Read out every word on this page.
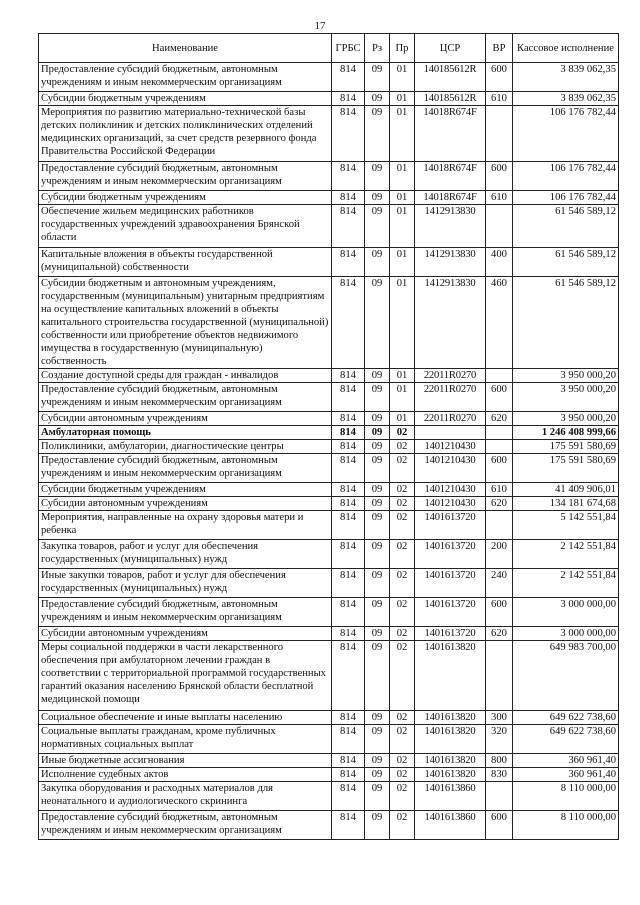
17
Наименование	ГРБС	Рз	Пр	ЦСР	ВР	Кассовое исполнение
Предоставление субсидий бюджетным, автономным учреждениям и иным некоммерческим организациям	814	09	01	140185612R	600	3 839 062,35
Субсидии бюджетным учреждениям	814	09	01	140185612R	610	3 839 062,35
Мероприятия по развитию материально-технической базы детских поликлиник и детских поликлинических отделений медицинских организаций, за счет средств резервного фонда Правительства Российской Федерации	814	09	01	14018R674F		106 176 782,44
Предоставление субсидий бюджетным, автономным учреждениям и иным некоммерческим организациям	814	09	01	14018R674F	600	106 176 782,44
Субсидии бюджетным учреждениям	814	09	01	14018R674F	610	106 176 782,44
Обеспечение жильем медицинских работников государственных учреждений здравоохранения Брянской области	814	09	01	1412913830		61 546 589,12
Капитальные вложения в объекты государственной (муниципальной) собственности	814	09	01	1412913830	400	61 546 589,12
Субсидии бюджетным и автономным учреждениям, государственным (муниципальным) унитарным предприятиям на осуществление капитальных вложений в объекты капитального строительства государственной (муниципальной) собственности или приобретение объектов недвижимого имущества в государственную (муниципальную) собственность	814	09	01	1412913830	460	61 546 589,12
Создание доступной среды для граждан - инвалидов	814	09	01	22011R0270		3 950 000,20
Предоставление субсидий бюджетным, автономным учреждениям и иным некоммерческим организациям	814	09	01	22011R0270	600	3 950 000,20
Субсидии автономным учреждениям	814	09	01	22011R0270	620	3 950 000,20
Амбулаторная помощь	814	09	02			1 246 408 999,66
Поликлиники, амбулатории, диагностические центры	814	09	02	1401210430		175 591 580,69
Предоставление субсидий бюджетным, автономным учреждениям и иным некоммерческим организациям	814	09	02	1401210430	600	175 591 580,69
Субсидии бюджетным учреждениям	814	09	02	1401210430	610	41 409 906,01
Субсидии автономным учреждениям	814	09	02	1401210430	620	134 181 674,68
Мероприятия, направленные на охрану здоровья матери и ребенка	814	09	02	1401613720		5 142 551,84
Закупка товаров, работ и услуг для обеспечения государственных (муниципальных) нужд	814	09	02	1401613720	200	2 142 551,84
Иные закупки товаров, работ и услуг для обеспечения государственных (муниципальных) нужд	814	09	02	1401613720	240	2 142 551,84
Предоставление субсидий бюджетным, автономным учреждениям и иным некоммерческим организациям	814	09	02	1401613720	600	3 000 000,00
Субсидии автономным учреждениям	814	09	02	1401613720	620	3 000 000,00
Меры социальной поддержки в части лекарственного обеспечения при амбулаторном лечении граждан в соответствии с территориальной программой государственных гарантий оказания населению Брянской области бесплатной медицинской помощи	814	09	02	1401613820		649 983 700,00
Социальное обеспечение и иные выплаты населению	814	09	02	1401613820	300	649 622 738,60
Социальные выплаты гражданам, кроме публичных нормативных социальных выплат	814	09	02	1401613820	320	649 622 738,60
Иные бюджетные ассигнования	814	09	02	1401613820	800	360 961,40
Исполнение судебных актов	814	09	02	1401613820	830	360 961,40
Закупка оборудования и расходных материалов для неонатального и аудиологического скрининга	814	09	02	1401613860		8 110 000,00
Предоставление субсидий бюджетным, автономным учреждениям и иным некоммерческим организациям	814	09	02	1401613860	600	8 110 000,00
